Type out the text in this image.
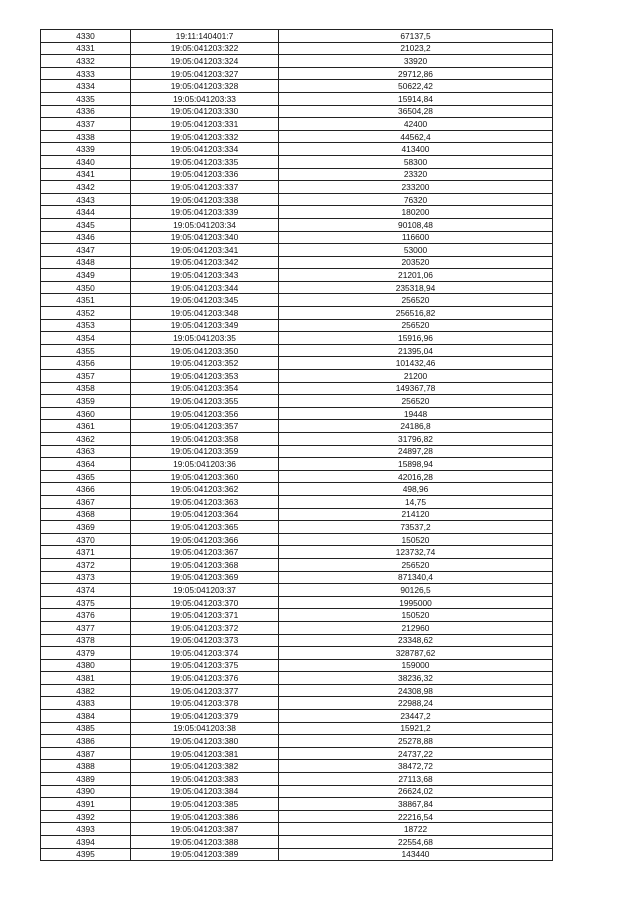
4330	19:11:140401:7	67137,5
4331	19:05:041203:322	21023,2
4332	19:05:041203:324	33920
4333	19:05:041203:327	29712,86
4334	19:05:041203:328	50622,42
4335	19:05:041203:33	15914,84
4336	19:05:041203:330	36504,28
4337	19:05:041203:331	42400
4338	19:05:041203:332	44562,4
4339	19:05:041203:334	413400
4340	19:05:041203:335	58300
4341	19:05:041203:336	23320
4342	19:05:041203:337	233200
4343	19:05:041203:338	76320
4344	19:05:041203:339	180200
4345	19:05:041203:34	90108,48
4346	19:05:041203:340	116600
4347	19:05:041203:341	53000
4348	19:05:041203:342	203520
4349	19:05:041203:343	21201,06
4350	19:05:041203:344	235318,94
4351	19:05:041203:345	256520
4352	19:05:041203:348	256516,82
4353	19:05:041203:349	256520
4354	19:05:041203:35	15916,96
4355	19:05:041203:350	21395,04
4356	19:05:041203:352	101432,46
4357	19:05:041203:353	21200
4358	19:05:041203:354	149367,78
4359	19:05:041203:355	256520
4360	19:05:041203:356	19448
4361	19:05:041203:357	24186,8
4362	19:05:041203:358	31796,82
4363	19:05:041203:359	24897,28
4364	19:05:041203:36	15898,94
4365	19:05:041203:360	42016,28
4366	19:05:041203:362	498,96
4367	19:05:041203:363	14,75
4368	19:05:041203:364	214120
4369	19:05:041203:365	73537,2
4370	19:05:041203:366	150520
4371	19:05:041203:367	123732,74
4372	19:05:041203:368	256520
4373	19:05:041203:369	871340,4
4374	19:05:041203:37	90126,5
4375	19:05:041203:370	1995000
4376	19:05:041203:371	150520
4377	19:05:041203:372	212960
4378	19:05:041203:373	23348,62
4379	19:05:041203:374	328787,62
4380	19:05:041203:375	159000
4381	19:05:041203:376	38236,32
4382	19:05:041203:377	24308,98
4383	19:05:041203:378	22988,24
4384	19:05:041203:379	23447,2
4385	19:05:041203:38	15921,2
4386	19:05:041203:380	25278,88
4387	19:05:041203:381	24737,22
4388	19:05:041203:382	38472,72
4389	19:05:041203:383	27113,68
4390	19:05:041203:384	26624,02
4391	19:05:041203:385	38867,84
4392	19:05:041203:386	22216,54
4393	19:05:041203:387	18722
4394	19:05:041203:388	22554,68
4395	19:05:041203:389	143440
